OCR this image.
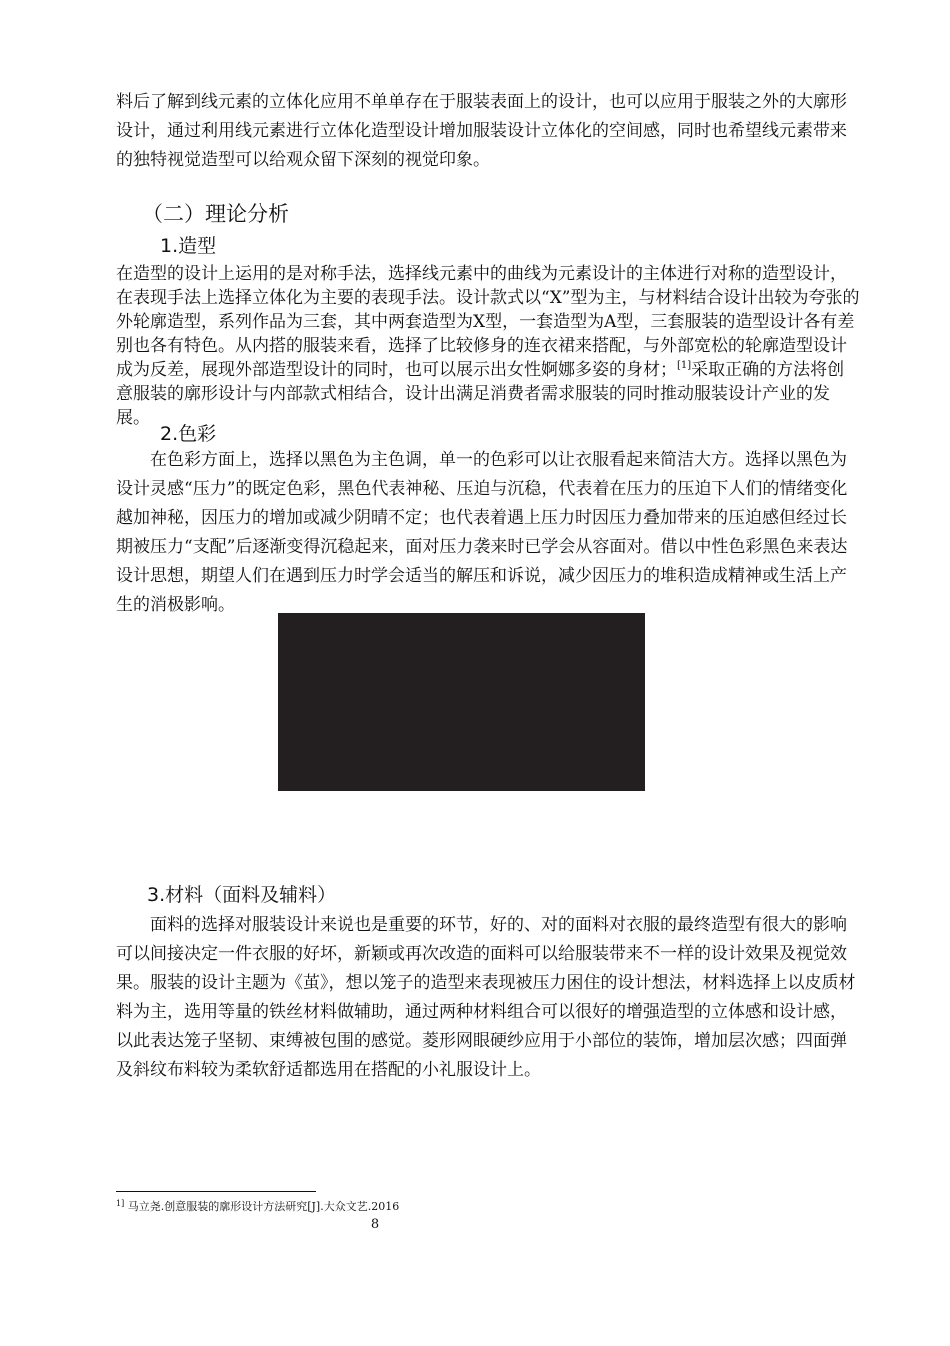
料后了解到线元素的立体化应用不单单存在于服装表面上的设计，也可以应用于服装之外的大廓形设计，通过利用线元素进行立体化造型设计增加服装设计立体化的空间感，同时也希望线元素带来的独特视觉造型可以给观众留下深刻的视觉印象。

（二）理论分析
1.造型

在造型的设计上运用的是对称手法，选择线元素中的曲线为元素设计的主体进行对称的造型设计，在表现手法上选择立体化为主要的表现手法。设计款式以“X”型为主，与材料结合设计出较为夸张的外轮廓造型，系列作品为三套，其中两套造型为X型，一套造型为A型，三套服装的造型设计各有差别也各有特色。从内搭的服装来看，选择了比较修身的连衣裙来搭配，与外部宽松的轮廓造型设计成为反差，展现外部造型设计的同时，也可以展示出女性婀娜多姿的身材；[1]采取正确的方法将创意服装的廓形设计与内部款式相结合，设计出满足消费者需求服装的同时推动服装设计产业的发展。

2.色彩

在色彩方面上，选择以黑色为主色调，单一的色彩可以让衣服看起来简洁大方。选择以黑色为设计灵感“压力”的既定色彩，黑色代表神秘、压迫与沉稳，代表着在压力的压迫下人们的情绪变化越加神秘，因压力的增加或减少阴晴不定；也代表着遇上压力时因压力叠加带来的压迫感但经过长期被压力“支配”后逐渐变得沉稳起来，面对压力袭来时已学会从容面对。借以中性色彩黑色来表达设计思想，期望人们在遇到压力时学会适当的解压和诉说，减少因压力的堆积造成精神或生活上产生的消极影响。

3.材料（面料及辅料）

面料的选择对服装设计来说也是重要的环节，好的、对的面料对衣服的最终造型有很大的影响可以间接决定一件衣服的好坏，新颖或再次改造的面料可以给服装带来不一样的设计效果及视觉效果。服装的设计主题为《茧》，想以笼子的造型来表现被压力困住的设计想法，材料选择上以皮质材料为主，选用等量的铁丝材料做辅助，通过两种材料组合可以很好的增强造型的立体感和设计感，以此表达笼子坚韧、束缚被包围的感觉。菱形网眼硬纱应用于小部位的装饰，增加层次感；四面弹及斜纹布料较为柔软舒适都选用在搭配的小礼服设计上。

$^{1]}$ 马立尧.创意服装的廓形设计方法研究[J].大众文艺.2016

8
